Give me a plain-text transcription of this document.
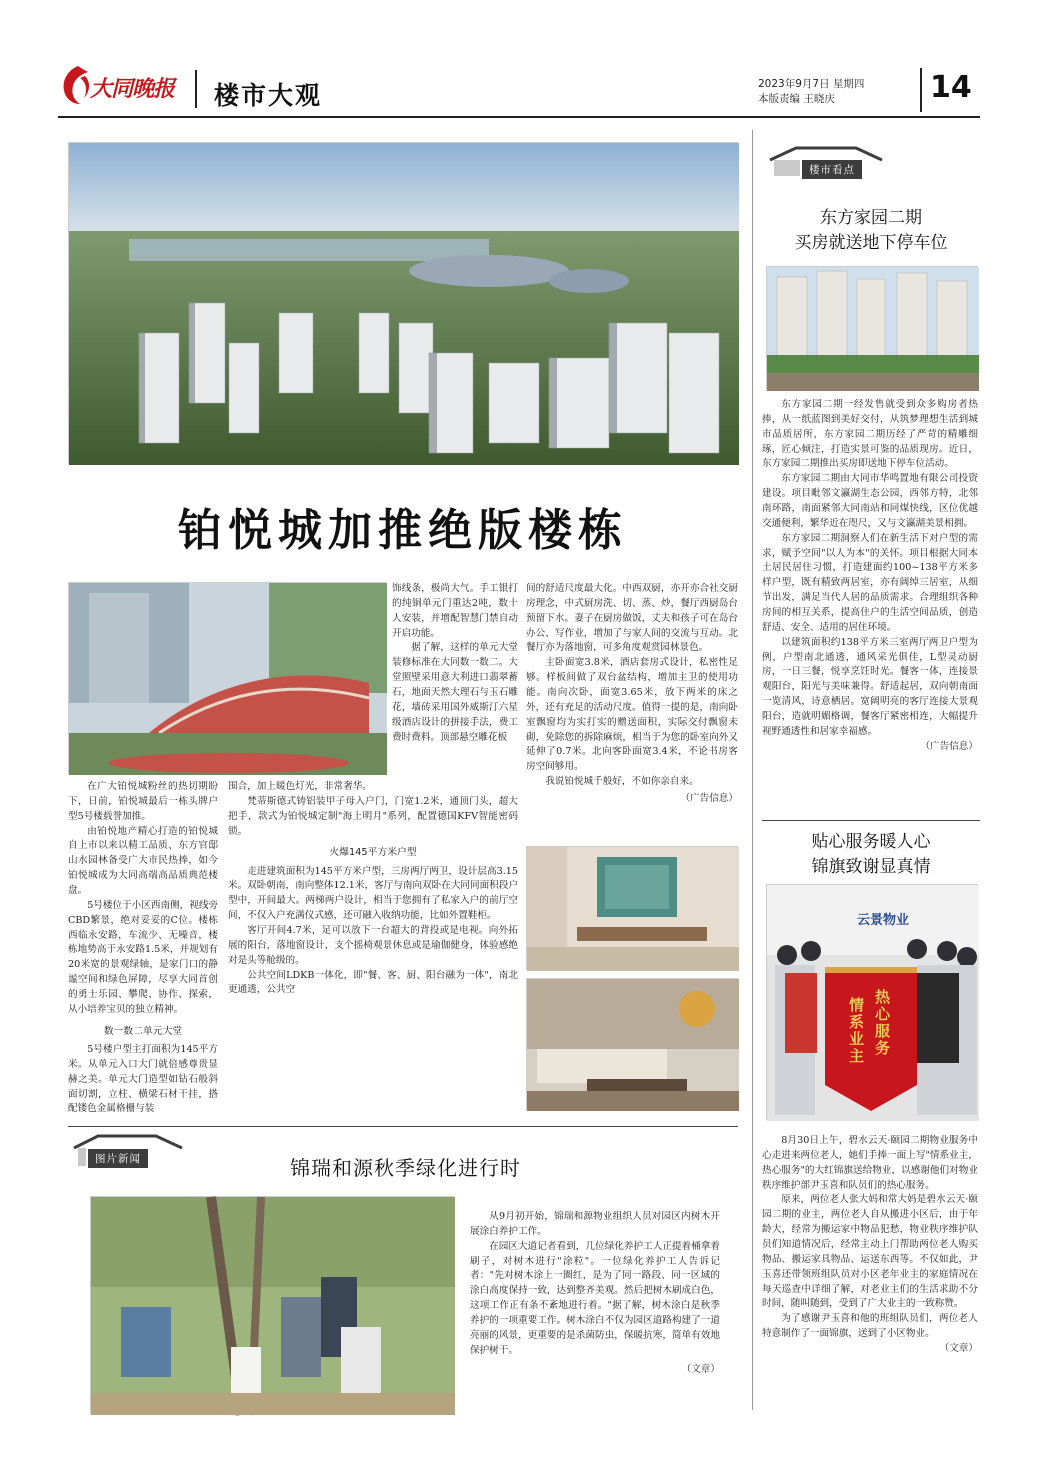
大同晚报 楼市大观	2023年9月7日 星期四
本版责编 王晓庆	14
铂悦城加推绝版楼栋

在广大铂悦城粉丝的热切期盼下，日前，铂悦城最后一栋头牌户型5号楼载誉加推。

由铂悦地产精心打造的铂悦城自上市以来以精工品质、东方官邸山水园林备受广大市民热捧，如今铂悦城成为大同高端高品质典范楼盘。

5号楼位于小区西南侧，视线旁CBD繁景，绝对妥妥的C位。楼栋西临永安路，车流少、无噪音，楼栋地势高于永安路1.5米，并规划有20米宽的景观绿轴，是家门口的静谧空间和绿色屏障，尽享大同首创的勇士乐园、攀爬、协作、探索，从小培养宝贝的独立精神。

数一数二单元大堂

5号楼户型主打面积为145平方米。从单元入口大门就倍感尊贵显赫之美。单元大门造型如钻石般斜面切割，立柱、横梁石材干挂，搭配镂色金属格栅与装

饰线条，极尚大气。手工银打的纯铜单元门重达2吨，数十人安装，并增配智慧门禁自动开启功能。

据了解，这样的单元大堂装修标准在大同数一数二。大堂照壁采用意大利进口翡翠蓄石，地面天然大理石与玉石雕花，墙砖采用国外威斯汀六星级酒店设计的拼接手法，费工费时费料。顶部悬空雕花板

围合，加上暖色灯光，非常奢华。

梵蒂斯德式铸铝装甲子母入户门，门宽1.2米，通顶门头，超大把手，款式为铂悦城定制"海上明月"系列，配置德国KFV智能密码锁。

火爆145平方米户型

走进建筑面积为145平方米户型，三房两厅两卫，设计层高3.15米。双卧朝南，南向整体12.1米，客厅与南向双卧在大同同面积段户型中，开间最大。两梯两户设计，相当于您拥有了私家入户的前厅空间，不仅入户充满仪式感，还可融入收纳功能，比如外置鞋柜。

客厅开间4.7米，足可以放下一台超大的背投或是电视。向外拓展的阳台，落地窗设计，支个摇椅观景休息或是瑜伽健身，体验感绝对是头等舱级的。

公共空间LDKB一体化，即"餐、客、厨、阳台融为一体"，南北更通透，公共空

间的舒适尺度最大化。中西双厨，亦开亦合社交厨房理念，中式厨房洗、切、蒸、炒，餐厅西厨岛台预留下水。妻子在厨房做饭，丈夫和孩子可在岛台办公、写作业，增加了与家人间的交流与互动。北餐厅亦为落地窗，可多角度观赏园林景色。

主卧面宽3.8米，酒店套房式设计，私密性足够。样板间做了双台盆结构，增加主卫的使用功能。南向次卧，面宽3.65米，放下两米的床之外，还有充足的活动尺度。值得一提的是，南向卧室飘窗均为实打实的赠送面积，实际交付飘窗未砌，免除您的拆除麻烦，相当于为您的卧室向外又延伸了0.7米。北向客卧面宽3.4米，不论书房客房空间够用。

我说铂悦城千般好，不如你亲自来。

（广告信息）
楼市看点
东方家园二期
买房就送地下停车位

东方家园二期一经发售就受到众多购房者热捧，从一纸蓝图到美好交付，从筑梦理想生活到城市品质居所，东方家园二期历经了严苛的精雕细琢，匠心倾注，打造实景可鉴的品质现房。近日，东方家园二期推出买房即送地下停车位活动。

东方家园二期由大同市华鸣置地有限公司投资建设。项目毗邻文瀛湖生态公园，西邻方特，北邻南环路，南面紧邻大同南站和同煤快线，区位优越交通便利，繁华近在咫尺，又与文瀛湖美景相拥。

东方家园二期洞察人们在新生活下对户型的需求，赋予空间"以人为本"的关怀。项目根据大同本土居民居住习惯，打造建面约100~138平方米多样户型，既有精致两居室，亦有阔绰三居室，从细节出发，满足当代人居的品质需求。合理组织各种房间的相互关系，提高住户的生活空间品质，创造舒适、安全、适用的居住环境。

以建筑面积约138平方米三室两厅两卫户型为例，户型南北通透，通风采光俱佳，L型灵动厨房，一日三餐，悦享烹饪时光。餐客一体，连接景观阳台，阳光与美味兼得。舒适起居，双向朝南面一览清风，诗意栖居。宽阔明亮的客厅连接大景观阳台，造就明媚格调，餐客厅紧密相连，大幅提升视野通透性和居家幸福感。

（广告信息）
贴心服务暖人心
锦旗致谢显真情
云景物业
热心服务
情系业主

8月30日上午，碧水云天·颐园二期物业服务中心走进来两位老人，她们手捧一面上写"情系业主，热心服务"的大红锦旗送给物业，以感谢他们对物业秩序维护部尹玉喜和队员们的热心服务。

原来，两位老人张大妈和常大妈是碧水云天·颐园二期的业主，两位老人自从搬进小区后，由于年龄大，经常为搬运家中物品犯愁，物业秩序维护队员们知道情况后，经常主动上门帮助两位老人购买物品、搬运家具物品、运送东西等。不仅如此，尹玉喜还带领班组队员对小区老年业主的家庭情况在每天巡查中详细了解，对老业主们的生活求助不分时间，随叫随到，受到了广大业主的一致称赞。

为了感谢尹玉喜和他的班组队员们，两位老人特意制作了一面锦旗，送到了小区物业。

（文章）
图片新闻	锦瑞和源秋季绿化进行时

从9月初开始，锦瑞和源物业组织人员对园区内树木开展涂白养护工作。

在园区大道记者看到，几位绿化养护工人正提着桶拿着刷子，对树木进行"涂粒"。一位绿化养护工人告诉记者："先对树木涂上一圈红，是为了同一路段、同一区域的涂白高度保持一致，达到整齐美观。然后把树木刷成白色，这项工作正有条不紊地进行着。"据了解，树木涂白是秋季养护的一项重要工作。树木涂白不仅为园区道路构建了一道亮丽的风景，更重要的是杀菌防虫，保暖抗寒，简单有效地保护树干。

（文章）
